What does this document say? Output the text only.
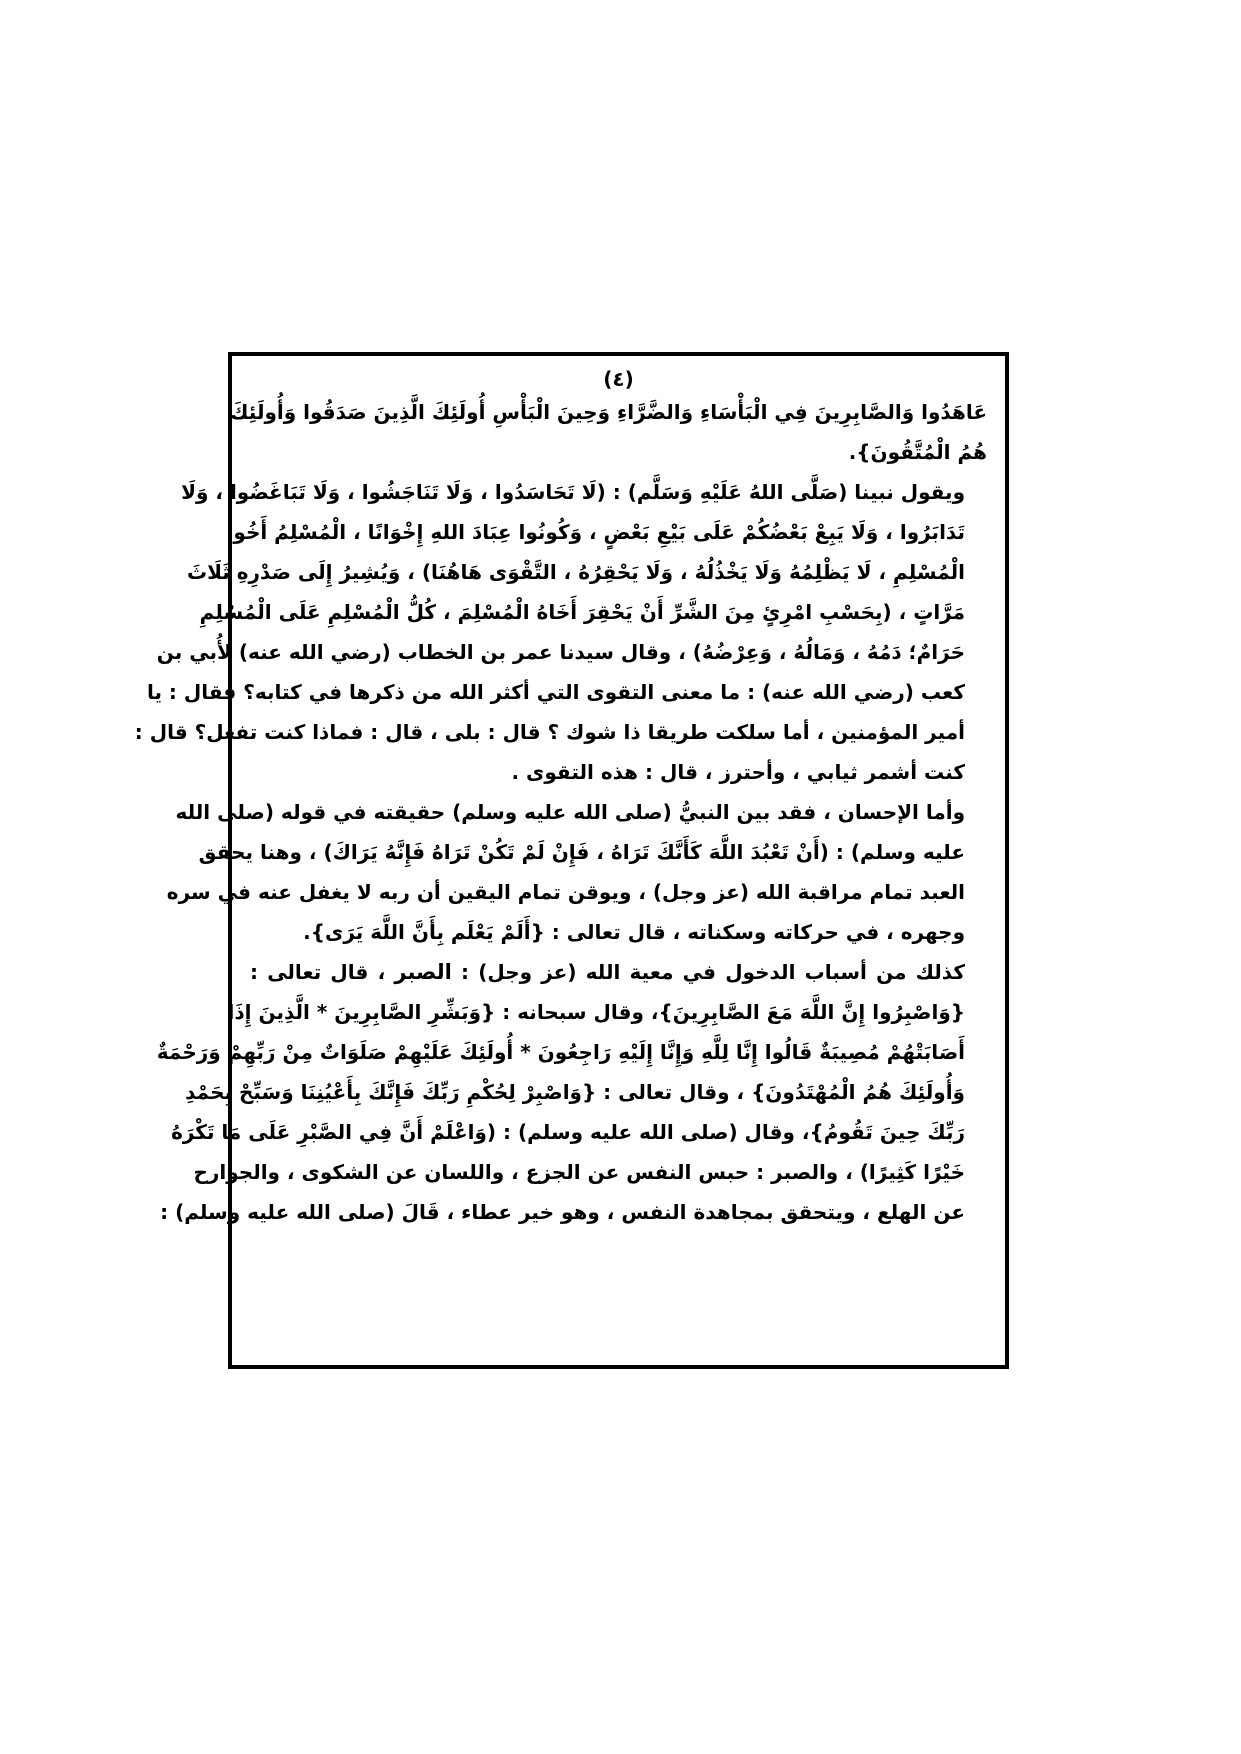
(٤)

عَاهَدُوا وَالصَّابِرِينَ فِي الْبَأْسَاءِ وَالضَّرَّاءِ وَحِينَ الْبَأْسِ أُولَئِكَ الَّذِينَ صَدَقُوا وَأُولَئِكَ
هُمُ الْمُتَّقُونَ}.

ويقول نبينا (صَلَّى اللهُ عَلَيْهِ وَسَلَّم) : (لَا تَحَاسَدُوا ، وَلَا تَنَاجَشُوا ، وَلَا تَبَاغَضُوا ، وَلَا
تَدَابَرُوا ، وَلَا يَبِعْ بَعْضُكُمْ عَلَى بَيْعِ بَعْضٍ ، وَكُونُوا عِبَادَ اللهِ إِخْوَانًا ، الْمُسْلِمُ أَخُو
الْمُسْلِمِ ، لَا يَظْلِمُهُ وَلَا يَخْذُلُهُ ، وَلَا يَحْقِرُهُ ، التَّقْوَى هَاهُنَا) ، وَيُشِيرُ إِلَى صَدْرِهِ ثَلَاثَ
مَرَّاتٍ ، (بِحَسْبِ امْرِئٍ مِنَ الشَّرِّ أَنْ يَحْقِرَ أَخَاهُ الْمُسْلِمَ ، كُلُّ الْمُسْلِمِ عَلَى الْمُسْلِمِ
حَرَامٌ؛ دَمُهُ ، وَمَالُهُ ، وَعِرْضُهُ) ، وقال سيدنا عمر بن الخطاب (رضي الله عنه) لأُبي بن
كعب (رضي الله عنه) : ما معنى التقوى التي أكثر الله من ذكرها في كتابه؟ فقال : يا
أمير المؤمنين ، أما سلكت طريقا ذا شوك ؟ قال : بلى ، قال : فماذا كنت تفعل؟ قال :
كنت أشمر ثيابي ، وأحترز ، قال : هذه التقوى .

وأما الإحسان ، فقد بين النبيُّ (صلى الله عليه وسلم) حقيقته في قوله (صلى الله
عليه وسلم) : (أَنْ تَعْبُدَ اللَّهَ كَأَنَّكَ تَرَاهُ ، فَإِنْ لَمْ تَكُنْ تَرَاهُ فَإِنَّهُ يَرَاكَ) ، وهنا يحقق
العبد تمام مراقبة الله (عز وجل) ، ويوقن تمام اليقين أن ربه لا يغفل عنه في سره
وجهره ، في حركاته وسكناته ، قال تعالى : {أَلَمْ يَعْلَم بِأَنَّ اللَّهَ يَرَى}.

كذلك من أسباب الدخول في معية الله (عز وجل) : الصبر ، قال تعالى :
{وَاصْبِرُوا إِنَّ اللَّهَ مَعَ الصَّابِرِينَ}، وقال سبحانه : {وَبَشِّرِ الصَّابِرِينَ * الَّذِينَ إِذَا
أَصَابَتْهُمْ مُصِيبَةٌ قَالُوا إِنَّا لِلَّهِ وَإِنَّا إِلَيْهِ رَاجِعُونَ * أُولَئِكَ عَلَيْهِمْ صَلَوَاتٌ مِنْ رَبِّهِمْ وَرَحْمَةٌ
وَأُولَئِكَ هُمُ الْمُهْتَدُونَ} ، وقال تعالى : {وَاصْبِرْ لِحُكْمِ رَبِّكَ فَإِنَّكَ بِأَعْيُنِنَا وَسَبِّحْ بِحَمْدِ
رَبِّكَ حِينَ تَقُومُ}، وقال (صلى الله عليه وسلم) : (وَاعْلَمْ أَنَّ فِي الصَّبْرِ عَلَى مَا تَكْرَهُ
خَيْرًا كَثِيرًا) ، والصبر : حبس النفس عن الجزع ، واللسان عن الشكوى ، والجوارح
عن الهلع ، ويتحقق بمجاهدة النفس ، وهو خير عطاء ، قَالَ (صلى الله عليه وسلم) :
